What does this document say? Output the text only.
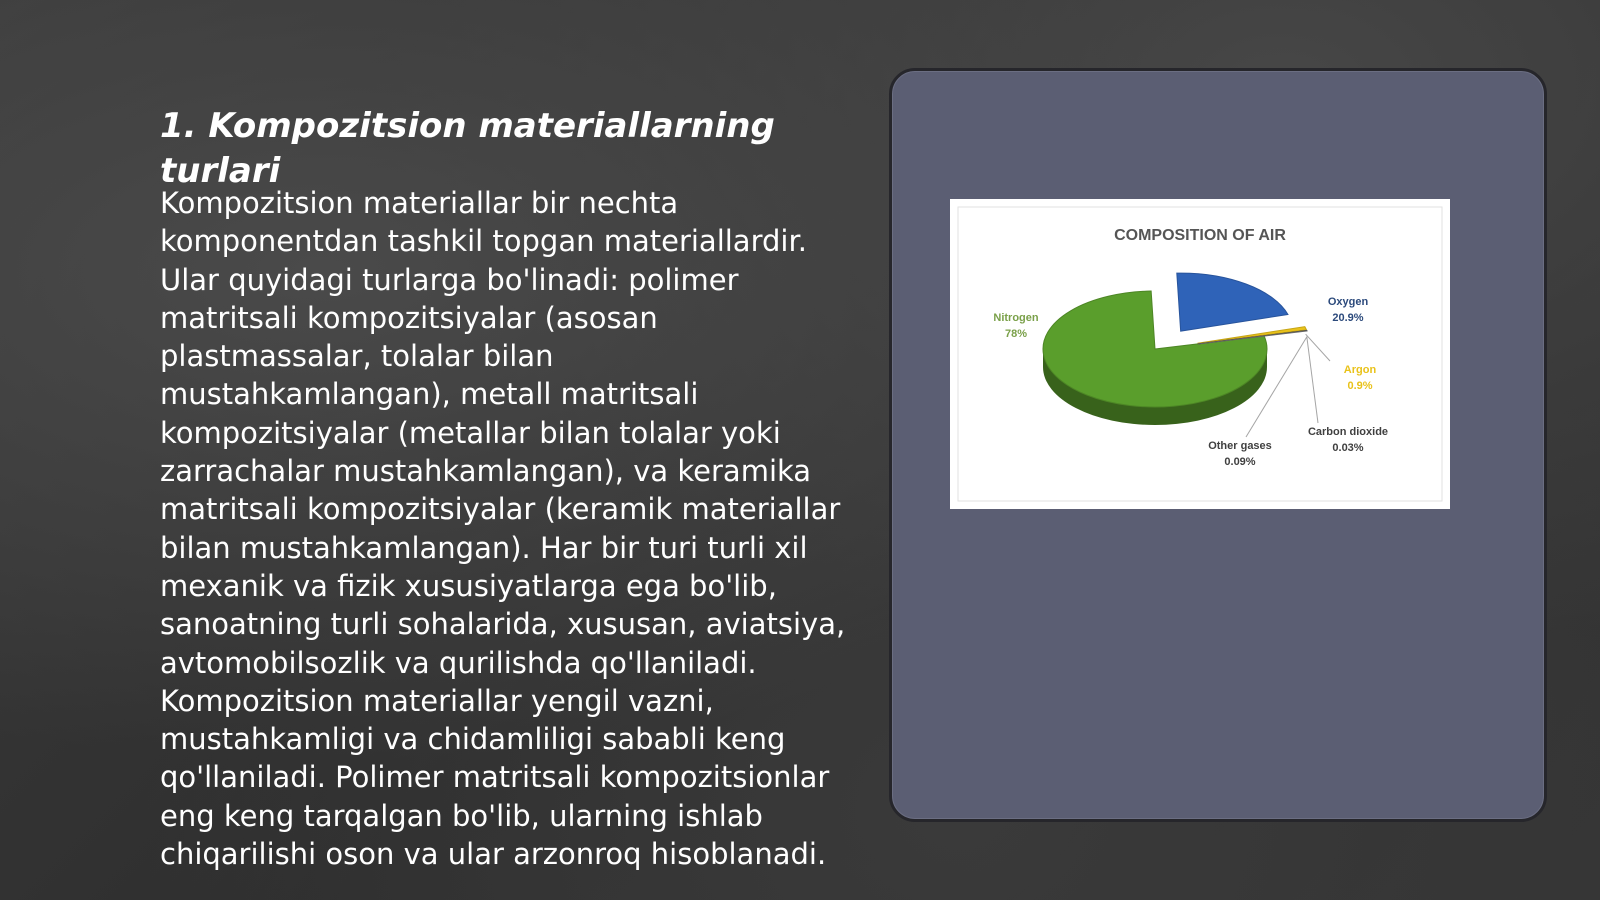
1. Kompozitsion materiallarning turlari

Kompozitsion materiallar bir nechta komponentdan tashkil topgan materiallardir. Ular quyidagi turlarga bo'linadi: polimer matritsali kompozitsiyalar (asosan plastmassalar, tolalar bilan mustahkamlangan), metall matritsali kompozitsiyalar (metallar bilan tolalar yoki zarrachalar mustahkamlangan), va keramika matritsali kompozitsiyalar (keramik materiallar bilan mustahkamlangan). Har bir turi turli xil mexanik va fizik xususiyatlarga ega bo'lib, sanoatning turli sohalarida, xususan, aviatsiya, avtomobilsozlik va qurilishda qo'llaniladi. Kompozitsion materiallar yengil vazni, mustahkamligi va chidamliligi sababli keng qo'llaniladi. Polimer matritsali kompozitsionlar eng keng tarqalgan bo'lib, ularning ishlab chiqarilishi oson va ular arzonroq hisoblanadi.

COMPOSITION OF AIR
Nitrogen
78%
Oxygen
20.9%
Argon
0.9%
Carbon dioxide
0.03%
Other gases
0.09%
